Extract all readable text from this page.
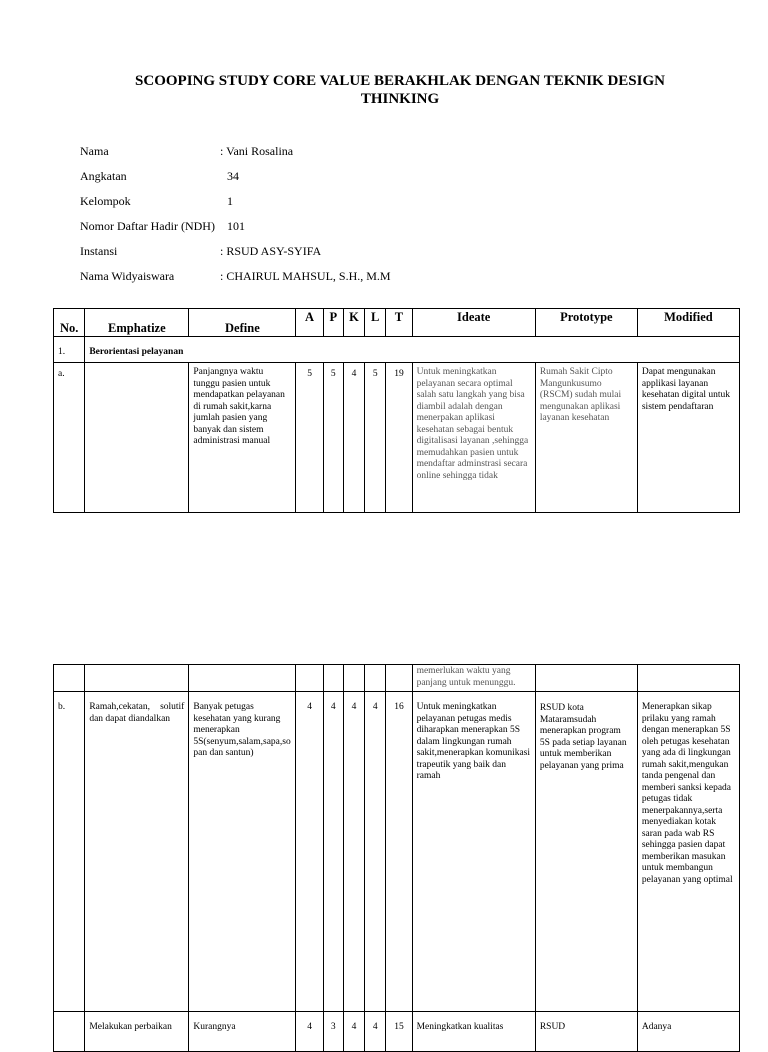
SCOOPING STUDY CORE VALUE BERAKHLAK DENGAN TEKNIK DESIGN THINKING
Nama	: Vani Rosalina
Angkatan	34
Kelompok	1
Nomor Daftar Hadir (NDH) 101
Instansi	: RSUD ASY-SYIFA
Nama Widyaiswara	: CHAIRUL MAHSUL, S.H., M.M
No.	Emphatize	Define	A	P	K	L	T	Ideate	Prototype	Modified
1.	Berorientasi pelayanan									
a.		Panjangnya waktu tunggu pasien untuk mendapatkan pelayanan di rumah sakit,karna jumlah pasien yang banyak dan sistem administrasi manual	5	5	4	5	19	Untuk meningkatkan pelayanan secara optimal salah satu langkah yang bisa diambil adalah dengan menerpakan aplikasi kesehatan sebagai bentuk digitalisasi layanan ,sehingga memudahkan pasien untuk mendaftar adminstrasi secara online sehingga tidak	Rumah Sakit Cipto Mangunkusumo (RSCM) sudah mulai mengunakan aplikasi layanan kesehatan	Dapat mengunakan applikasi layanan kesehatan digital untuk sistem pendaftaran
								memerlukan waktu yang panjang untuk menunggu.		
b.	Ramah,cekatan, solutif dan dapat diandalkan	Banyak petugas kesehatan yang kurang menerapkan 5S(senyum,salam,sapa,sopan dan santun)	4	4	4	4	16	Untuk meningkatkan pelayanan petugas medis diharapkan menerapkan 5S dalam lingkungan rumah sakit,menerapkan komunikasi trapeutik yang baik dan ramah	RSUD kota Mataramsudah menerapkan program 5S pada setiap layanan untuk memberikan pelayanan yang prima	Menerapkan sikap prilaku yang ramah dengan menerapkan 5S oleh petugas kesehatan yang ada di lingkungan rumah sakit,mengukan tanda pengenal dan memberi sanksi kepada petugas tidak menerpakannya,serta menyediakan kotak saran pada wab RS sehingga pasien dapat memberikan masukan untuk membangun pelayanan yang optimal
	Melakukan perbaikan	Kurangnya	4	3	4	4	15	Meningkatkan kualitas	RSUD	Adanya
